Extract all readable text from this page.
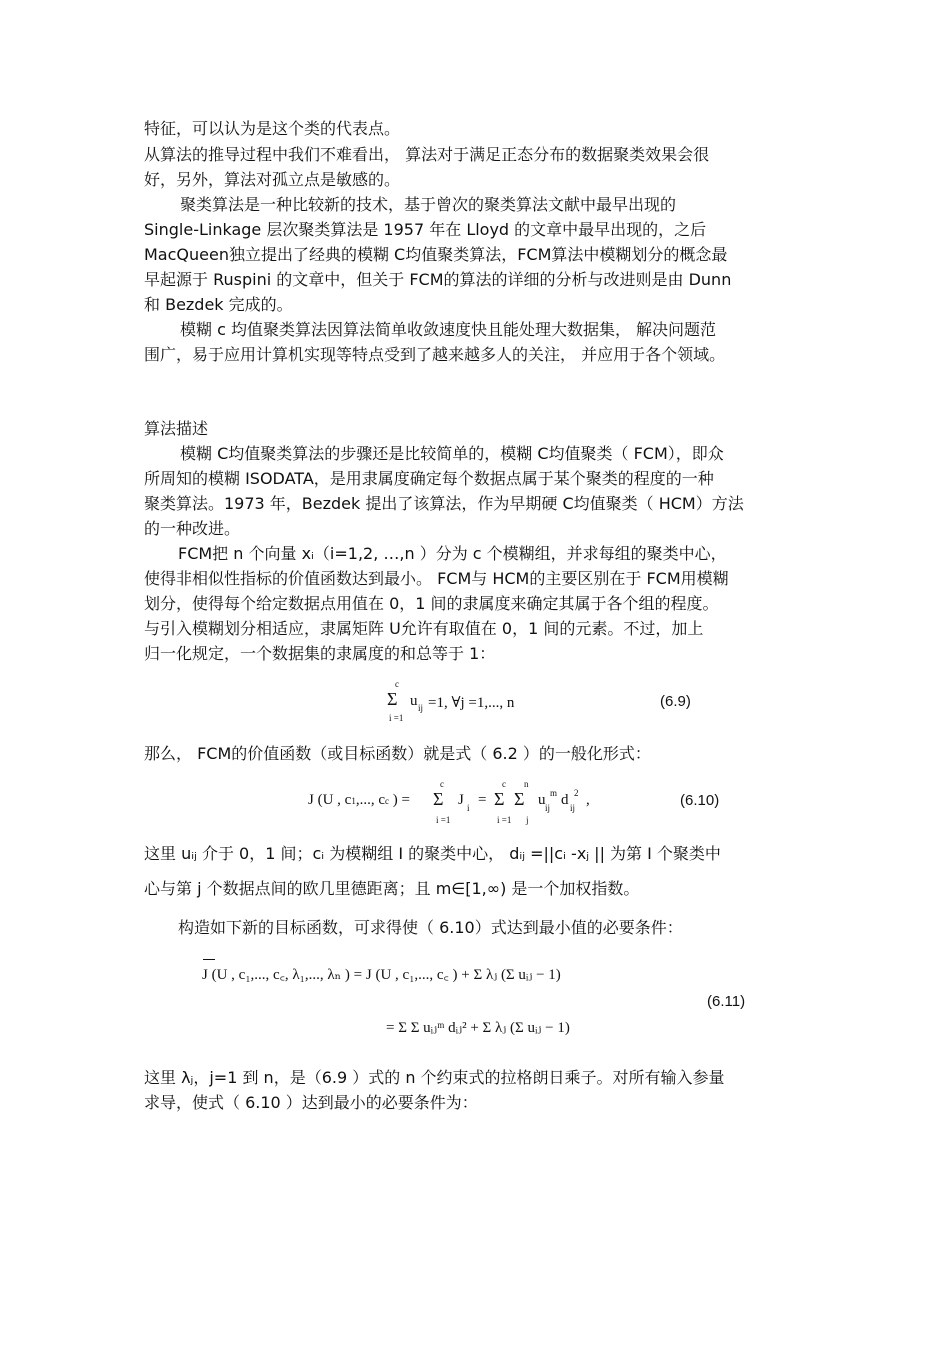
特征，可以认为是这个类的代表点。
从算法的推导过程中我们不难看出， 算法对于满足正态分布的数据聚类效果会很
好，另外，算法对孤立点是敏感的。
聚类算法是一种比较新的技术，基于曾次的聚类算法文献中最早出现的
Single-Linkage 层次聚类算法是 1957 年在 Lloyd 的文章中最早出现的，之后
MacQueen独立提出了经典的模糊 C均值聚类算法，FCM算法中模糊划分的概念最
早起源于 Ruspini 的文章中，但关于 FCM的算法的详细的分析与改进则是由 Dunn
和 Bezdek 完成的。
模糊 c 均值聚类算法因算法简单收敛速度快且能处理大数据集， 解决问题范
围广，易于应用计算机实现等特点受到了越来越多人的关注， 并应用于各个领域。
算法描述
模糊 C均值聚类算法的步骤还是比较简单的，模糊 C均值聚类（ FCM），即众
所周知的模糊 ISODATA，是用隶属度确定每个数据点属于某个聚类的程度的一种
聚类算法。1973 年，Bezdek 提出了该算法，作为早期硬 C均值聚类（ HCM）方法
的一种改进。
FCM把 n 个向量 xᵢ（i=1,2, …,n ）分为 c 个模糊组，并求每组的聚类中心，
使得非相似性指标的价值函数达到最小。 FCM与 HCM的主要区别在于 FCM用模糊
划分，使得每个给定数据点用值在 0，1 间的隶属度来确定其属于各个组的程度。
与引入模糊划分相适应，隶属矩阵 U允许有取值在 0，1 间的元素。不过，加上
归一化规定，一个数据集的隶属度的和总等于 1：
c
Σ
i =1
u ij =1, ∀j =1,..., n	(6.9)
那么， FCM的价值函数（或目标函数）就是式（ 6.2 ）的一般化形式：
J (U , c1,..., cc ) =
c
Σ
i =1
J i =
c
Σ
i =1
n
Σ
j
u m
ij d 2
ij ,	(6.10)
这里 uᵢⱼ 介于 0，1 间；cᵢ 为模糊组 I 的聚类中心， dᵢⱼ =||cᵢ -xⱼ || 为第 I 个聚类中
心与第 j 个数据点间的欧几里德距离；且 m∈[1,∞) 是一个加权指数。
构造如下新的目标函数，可求得使（ 6.10）式达到最小值的必要条件：
J (U , c₁,..., c꜀, λ₁,..., λₙ ) = J (U , c₁,..., c꜀ ) + Σ λⱼ (Σ uᵢⱼ − 1)
= Σ Σ uᵢⱼᵐ dᵢⱼ² + Σ λⱼ (Σ uᵢⱼ − 1)
(6.11)
这里 λⱼ，j=1 到 n，是（6.9 ）式的 n 个约束式的拉格朗日乘子。对所有输入参量
求导，使式（ 6.10 ）达到最小的必要条件为：
